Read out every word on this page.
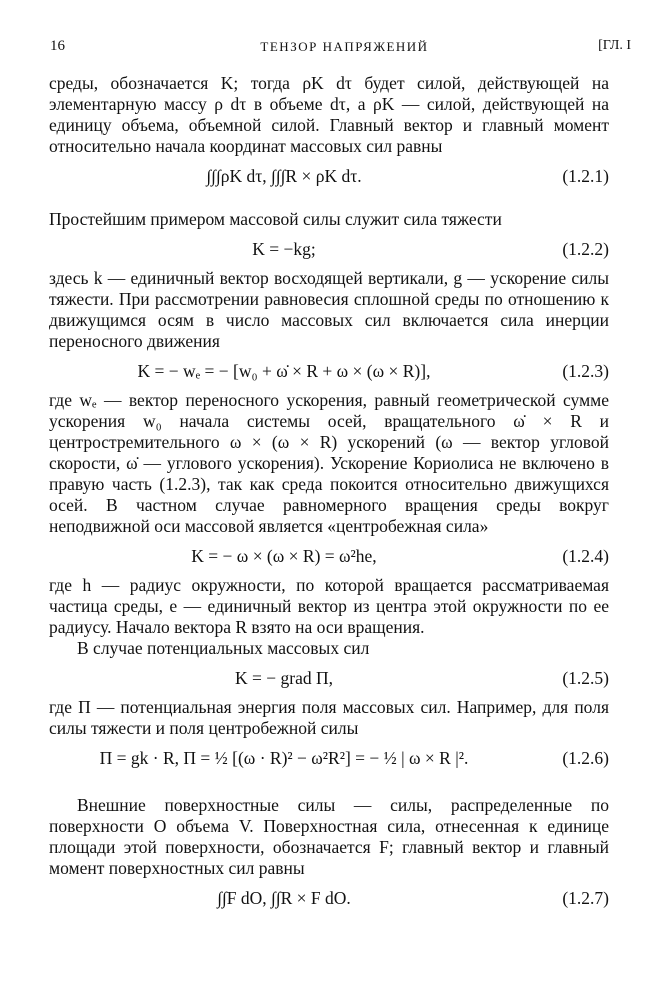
16	ТЕНЗОР НАПРЯЖЕНИЙ	[ГЛ. I

среды, обозначается K; тогда ρK dτ будет силой, действующей на элементарную массу ρ dτ в объеме dτ, а ρK — силой, действующей на единицу объема, объемной силой. Главный вектор и главный момент относительно начала координат массовых сил равны

∫∫∫ρK dτ, ∫∫∫R × ρK dτ.	(1.2.1)

Простейшим примером массовой силы служит сила тяжести

K = −kg;	(1.2.2)

здесь k — единичный вектор восходящей вертикали, g — ускорение силы тяжести. При рассмотрении равновесия сплошной среды по отношению к движущимся осям в число массовых сил включается сила инерции переносного движения

K = − wₑ = − [w₀ + ω̇ × R + ω × (ω × R)],	(1.2.3)

где wₑ — вектор переносного ускорения, равный геометрической сумме ускорения w₀ начала системы осей, вращательного ω̇ × R и центростремительного ω × (ω × R) ускорений (ω — вектор угловой скорости, ω̇ — углового ускорения). Ускорение Кориолиса не включено в правую часть (1.2.3), так как среда покоится относительно движущихся осей. В частном случае равномерного вращения среды вокруг неподвижной оси массовой является «центробежная сила»

K = − ω × (ω × R) = ω²he,	(1.2.4)

где h — радиус окружности, по которой вращается рассматриваемая частица среды, e — единичный вектор из центра этой окружности по ее радиусу. Начало вектора R взято на оси вращения.

В случае потенциальных массовых сил

K = − grad Π,	(1.2.5)

где Π — потенциальная энергия поля массовых сил. Например, для поля силы тяжести и поля центробежной силы

Π = gk · R, Π = ½ [(ω · R)² − ω²R²] = − ½ | ω × R |².	(1.2.6)

Внешние поверхностные силы — силы, распределенные по поверхности O объема V. Поверхностная сила, отнесенная к единице площади этой поверхности, обозначается F; главный вектор и главный момент поверхностных сил равны

∫∫F dO, ∫∫R × F dO.	(1.2.7)
